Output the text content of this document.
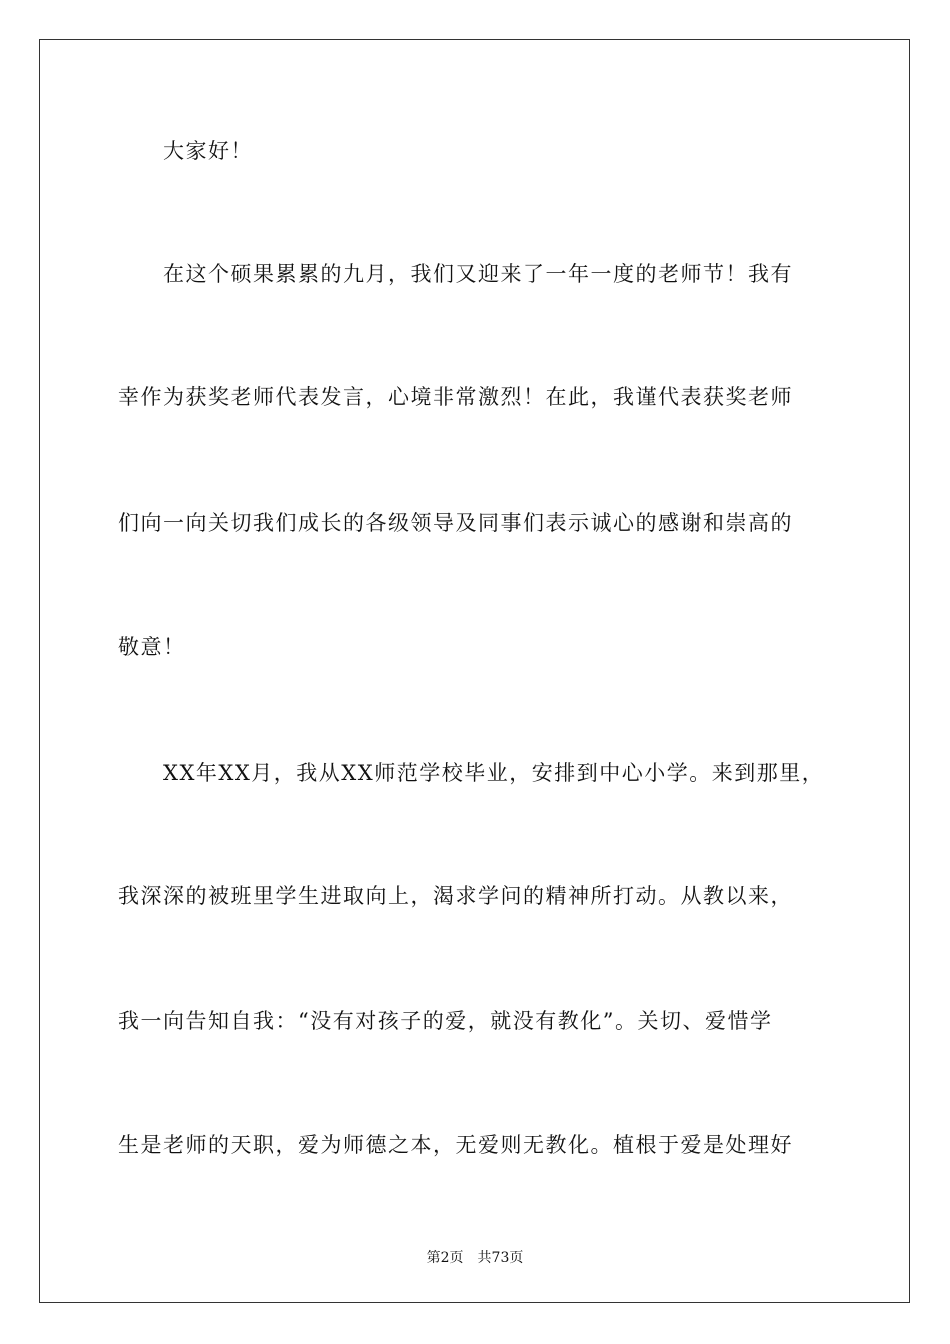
大家好！
在这个硕果累累的九月，我们又迎来了一年一度的老师节！我有
幸作为获奖老师代表发言，心境非常激烈！在此，我谨代表获奖老师
们向一向关切我们成长的各级领导及同事们表示诚心的感谢和崇高的
敬意！
XX年XX月，我从XX师范学校毕业，安排到中心小学。来到那里，
我深深的被班里学生进取向上，渴求学问的精神所打动。从教以来，
我一向告知自我：“没有对孩子的爱，就没有教化”。关切、爱惜学
生是老师的天职，爱为师德之本，无爱则无教化。植根于爱是处理好
第2页 共73页
